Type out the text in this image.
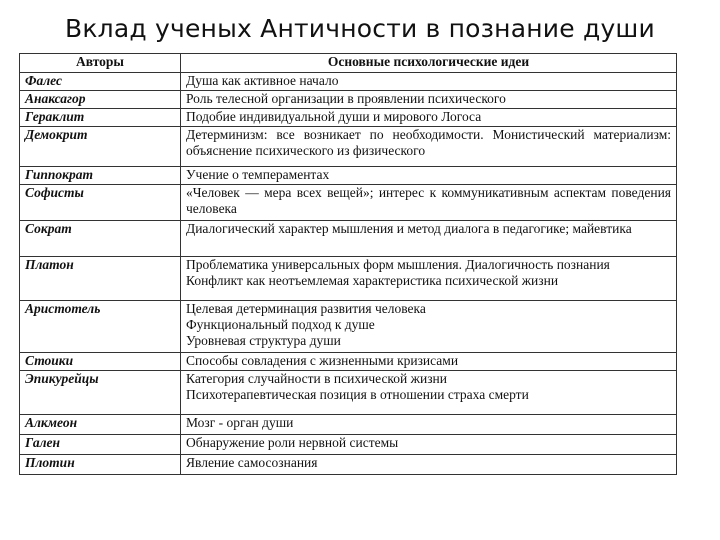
Вклад ученых Античности в познание души
Авторы	Основные психологические идеи
Фалес	Душа как активное начало

Анаксагор	Роль телесной организации в проявлении психического

Гераклит	Подобие индивидуальной души и мирового Логоса

Демокрит	Детерминизм: все возникает по необходимости. Монистический материализм: объяснение психического из физического

Гиппократ	Учение о темпераментах

Софисты	«Человек — мера всех вещей»; интерес к коммуникативным аспектам поведения человека

Сократ	Диалогический характер мышления и метод диалога в педагогике; майевтика

Платон	Проблематика универсальных форм мышления. Диалогичность познания
Конфликт как неотъемлемая характеристика психической жизни

Аристотель	Целевая детерминация развития человека
Функциональный подход к душе
Уровневая структура души

Стоики	Способы совладения с жизненными кризисами

Эпикурейцы	Категория случайности в психической жизни
Психотерапевтическая позиция в отношении страха смерти

Алкмеон	Мозг - орган души

Гален	Обнаружение роли нервной системы

Плотин	Явление самосознания
